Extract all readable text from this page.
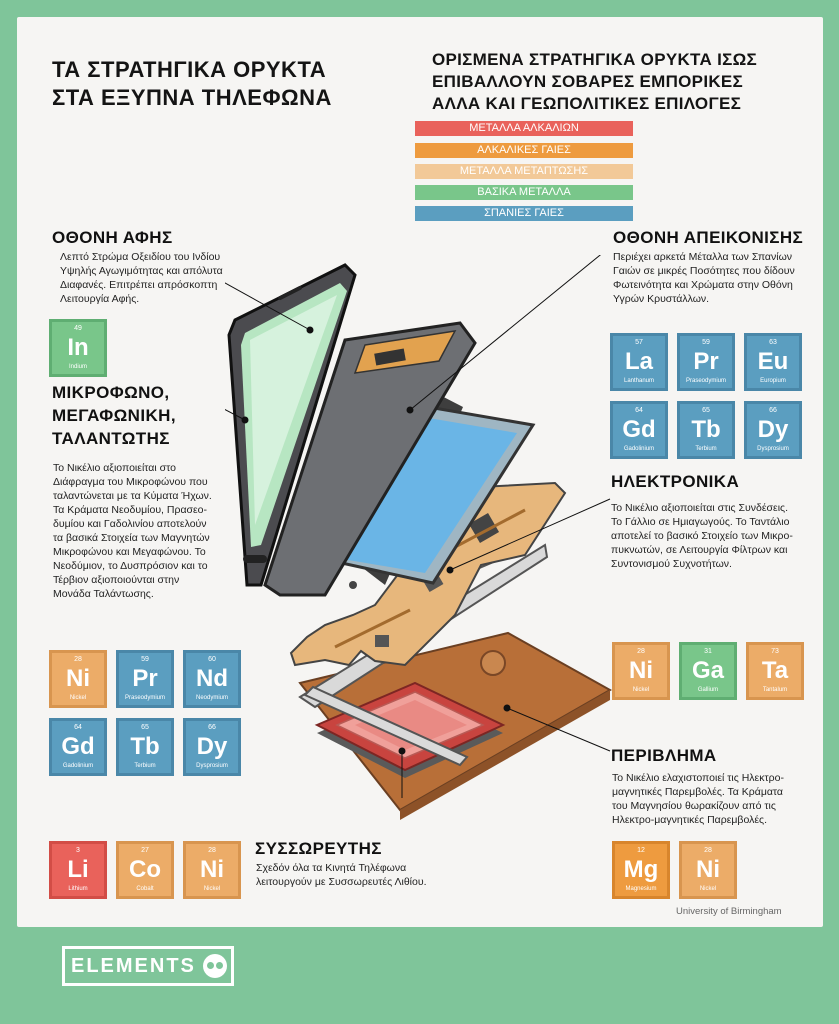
ΤΑ ΣΤΡΑΤΗΓΙΚΑ ΟΡΥΚΤΑ
ΣΤΑ ΕΞΥΠΝΑ ΤΗΛΕΦΩΝΑ
ΟΡΙΣΜΕΝΑ ΣΤΡΑΤΗΓΙΚΑ ΟΡΥΚΤΑ ΙΣΩΣ
ΕΠΙΒΑΛΛΟΥΝ ΣΟΒΑΡΕΣ ΕΜΠΟΡΙΚΕΣ
ΑΛΛΑ ΚΑΙ ΓΕΩΠΟΛΙΤΙΚΕΣ ΕΠΙΛΟΓΕΣ
ΜΕΤΑΛΛΑ ΑΛΚΑΛΙΩΝ
ΑΛΚΑΛΙΚΕΣ ΓΑΙΕΣ
ΜΕΤΑΛΛΑ ΜΕΤΑΠΤΩΣΗΣ
ΒΑΣΙΚΑ ΜΕΤΑΛΛΑ
ΣΠΑΝΙΕΣ ΓΑΙΕΣ
ΟΘΟΝΗ ΑΦΗΣ
Λεπτό Στρώμα Οξειδίου του Ινδίου
Υψηλής Αγωγιμότητας και απόλυτα
Διαφανές. Επιτρέπει απρόσκοπτη
Λειτουργία Αφής.
ΟΘΟΝΗ ΑΠΕΙΚΟΝΙΣΗΣ
Περιέχει αρκετά Μέταλλα των Σπανίων
Γαιών σε μικρές Ποσότητες που δίδουν
Φωτεινότητα και Χρώματα στην Οθόνη
Υγρών Κρυστάλλων.
ΜΙΚΡΟΦΩΝΟ,
ΜΕΓΑΦΩΝΙΚΗ,
ΤΑΛΑΝΤΩΤΗΣ
Το Νικέλιο αξιοποιείται στο
Διάφραγμα του Μικροφώνου που
ταλαντώνεται με τα Κύματα Ήχων.
Τα Κράματα Νεοδυμίου, Πρασεο-
δυμίου και Γαδολινίου αποτελούν
τα βασικά Στοιχεία των Μαγνητών
Μικροφώνου και Μεγαφώνου. Το
Νεοδύμιον, το Δυσπρόσιον και το
Τέρβιον αξιοποιούνται στην
Μονάδα Ταλάντωσης.
ΗΛΕΚΤΡΟΝΙΚΑ
Το Νικέλιο αξιοποιείται στις Συνδέσεις.
Το Γάλλιο σε Ημιαγωγούς. Το Ταντάλιο
αποτελεί το βασικό Στοιχείο των Μικρο-
πυκνωτών, σε Λειτουργία Φίλτρων και
Συντονισμού Συχνοτήτων.
ΠΕΡΙΒΛΗΜΑ
Το Νικέλιο ελαχιστοποιεί τις Ηλεκτρο-
μαγνητικές Παρεμβολές. Τα Κράματα
του Μαγνησίου θωρακίζουν από τις
Ηλεκτρο-μαγνητικές Παρεμβολές.
ΣΥΣΣΩΡΕΥΤΗΣ
Σχεδόν όλα τα Κινητά Τηλέφωνα
λειτουργούν με Συσσωρευτές Λιθίου.
49
In
Indium
57
La
Lanthanum
59
Pr
Praseodymium
63
Eu
Europium
64
Gd
Gadolinium
65
Tb
Terbium
66
Dy
Dysprosium
28
Ni
Nickel
59
Pr
Praseodymium
60
Nd
Neodymium
64
Gd
Gadolinium
65
Tb
Terbium
66
Dy
Dysprosium
28
Ni
Nickel
31
Ga
Gallium
73
Ta
Tantalum
3
Li
Lithium
27
Co
Cobalt
28
Ni
Nickel
12
Mg
Magnesium
28
Ni
Nickel
University of Birmingham
ELEMENTS
